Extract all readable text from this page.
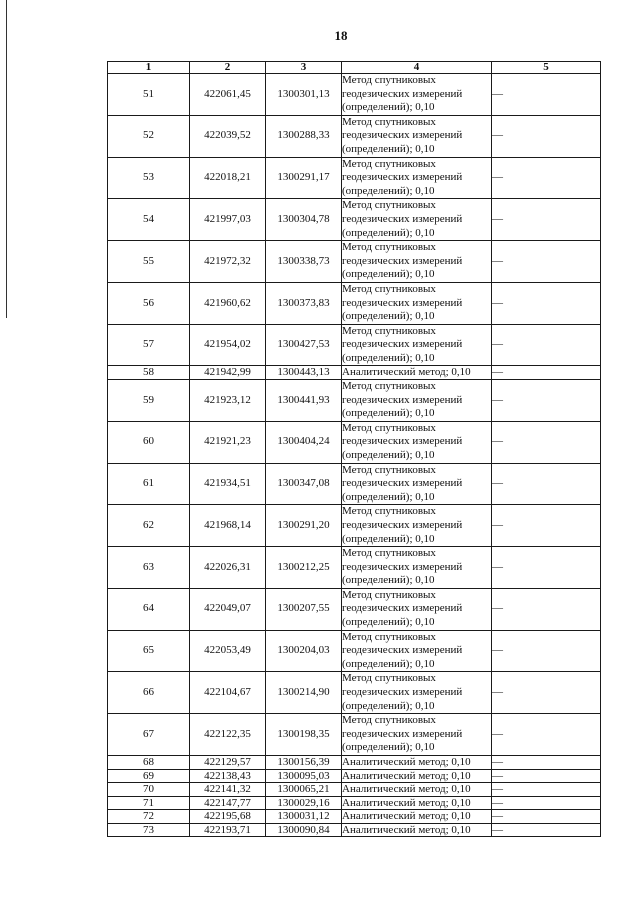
18
1	2	3	4	5
51	422061,45	1300301,13	Метод спутниковых
геодезических измерений
(определений); 0,10	—
52	422039,52	1300288,33	Метод спутниковых
геодезических измерений
(определений); 0,10	—
53	422018,21	1300291,17	Метод спутниковых
геодезических измерений
(определений); 0,10	—
54	421997,03	1300304,78	Метод спутниковых
геодезических измерений
(определений); 0,10	—
55	421972,32	1300338,73	Метод спутниковых
геодезических измерений
(определений); 0,10	—
56	421960,62	1300373,83	Метод спутниковых
геодезических измерений
(определений); 0,10	—
57	421954,02	1300427,53	Метод спутниковых
геодезических измерений
(определений); 0,10	—
58	421942,99	1300443,13	Аналитический метод; 0,10	—
59	421923,12	1300441,93	Метод спутниковых
геодезических измерений
(определений); 0,10	—
60	421921,23	1300404,24	Метод спутниковых
геодезических измерений
(определений); 0,10	—
61	421934,51	1300347,08	Метод спутниковых
геодезических измерений
(определений); 0,10	—
62	421968,14	1300291,20	Метод спутниковых
геодезических измерений
(определений); 0,10	—
63	422026,31	1300212,25	Метод спутниковых
геодезических измерений
(определений); 0,10	—
64	422049,07	1300207,55	Метод спутниковых
геодезических измерений
(определений); 0,10	—
65	422053,49	1300204,03	Метод спутниковых
геодезических измерений
(определений); 0,10	—
66	422104,67	1300214,90	Метод спутниковых
геодезических измерений
(определений); 0,10	—
67	422122,35	1300198,35	Метод спутниковых
геодезических измерений
(определений); 0,10	—
68	422129,57	1300156,39	Аналитический метод; 0,10	—
69	422138,43	1300095,03	Аналитический метод; 0,10	—
70	422141,32	1300065,21	Аналитический метод; 0,10	—
71	422147,77	1300029,16	Аналитический метод; 0,10	—
72	422195,68	1300031,12	Аналитический метод; 0,10	—
73	422193,71	1300090,84	Аналитический метод; 0,10	—
